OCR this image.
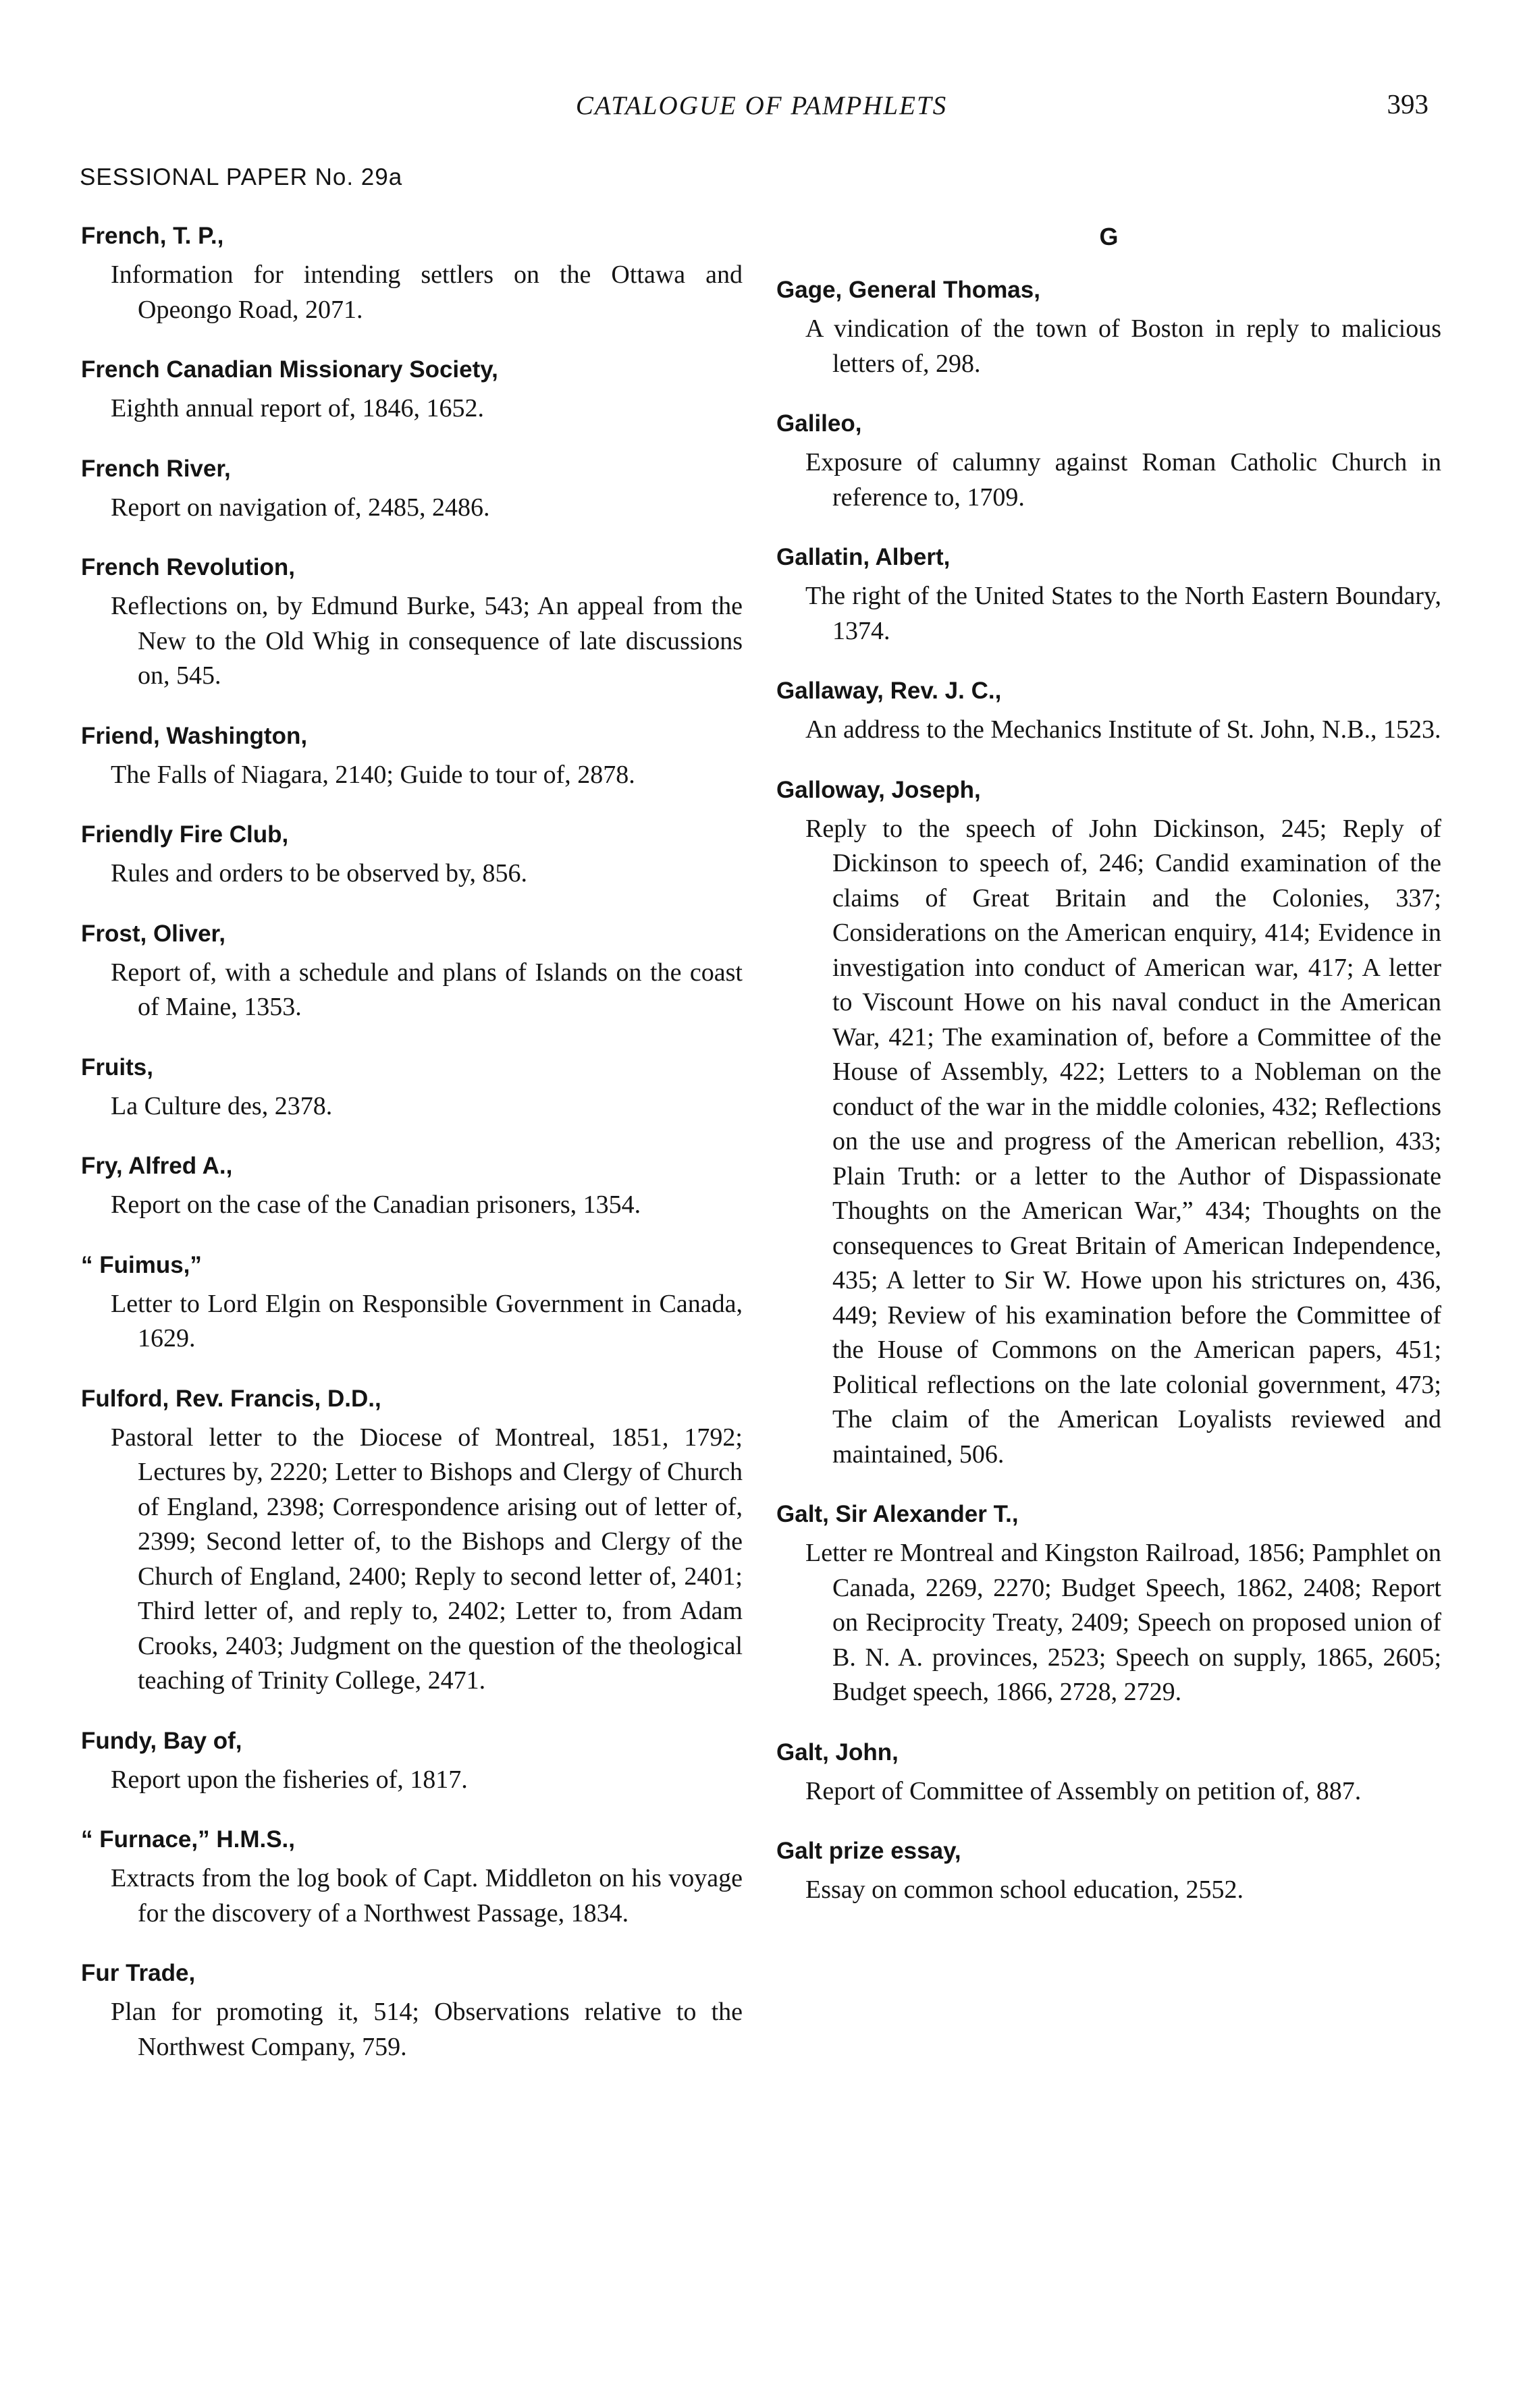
CATALOGUE OF PAMPHLETS	393
SESSIONAL PAPER No. 29a
French, T. P.,
Information for intending settlers on the Ottawa and Opeongo Road, 2071.
French Canadian Missionary Society,
Eighth annual report of, 1846, 1652.
French River,
Report on navigation of, 2485, 2486.
French Revolution,
Reflections on, by Edmund Burke, 543; An appeal from the New to the Old Whig in consequence of late discussions on, 545.
Friend, Washington,
The Falls of Niagara, 2140; Guide to tour of, 2878.
Friendly Fire Club,
Rules and orders to be observed by, 856.
Frost, Oliver,
Report of, with a schedule and plans of Islands on the coast of Maine, 1353.
Fruits,
La Culture des, 2378.
Fry, Alfred A.,
Report on the case of the Canadian prisoners, 1354.
“ Fuimus,”
Letter to Lord Elgin on Responsible Government in Canada, 1629.
Fulford, Rev. Francis, D.D.,
Pastoral letter to the Diocese of Montreal, 1851, 1792; Lectures by, 2220; Letter to Bishops and Clergy of Church of England, 2398; Correspondence arising out of letter of, 2399; Second letter of, to the Bishops and Clergy of the Church of England, 2400; Reply to second letter of, 2401; Third letter of, and reply to, 2402; Letter to, from Adam Crooks, 2403; Judgment on the question of the theological teaching of Trinity College, 2471.
Fundy, Bay of,
Report upon the fisheries of, 1817.
“ Furnace,” H.M.S.,
Extracts from the log book of Capt. Middleton on his voyage for the discovery of a Northwest Passage, 1834.
Fur Trade,
Plan for promoting it, 514; Observations relative to the Northwest Company, 759.
G
Gage, General Thomas,
A vindication of the town of Boston in reply to malicious letters of, 298.
Galileo,
Exposure of calumny against Roman Catholic Church in reference to, 1709.
Gallatin, Albert,
The right of the United States to the North Eastern Boundary, 1374.
Gallaway, Rev. J. C.,
An address to the Mechanics Institute of St. John, N.B., 1523.
Galloway, Joseph,
Reply to the speech of John Dickinson, 245; Reply of Dickinson to speech of, 246; Candid examination of the claims of Great Britain and the Colonies, 337; Considerations on the American enquiry, 414; Evidence in investigation into conduct of American war, 417; A letter to Viscount Howe on his naval conduct in the American War, 421; The examination of, before a Committee of the House of Assembly, 422; Letters to a Nobleman on the conduct of the war in the middle colonies, 432; Reflections on the use and progress of the American rebellion, 433; Plain Truth: or a letter to the Author of Dispassionate Thoughts on the American War,” 434; Thoughts on the consequences to Great Britain of American Independence, 435; A letter to Sir W. Howe upon his strictures on, 436, 449; Review of his examination before the Committee of the House of Commons on the American papers, 451; Political reflections on the late colonial government, 473; The claim of the American Loyalists reviewed and maintained, 506.
Galt, Sir Alexander T.,
Letter re Montreal and Kingston Railroad, 1856; Pamphlet on Canada, 2269, 2270; Budget Speech, 1862, 2408; Report on Reciprocity Treaty, 2409; Speech on proposed union of B. N. A. provinces, 2523; Speech on supply, 1865, 2605; Budget speech, 1866, 2728, 2729.
Galt, John,
Report of Committee of Assembly on petition of, 887.
Galt prize essay,
Essay on common school education, 2552.
